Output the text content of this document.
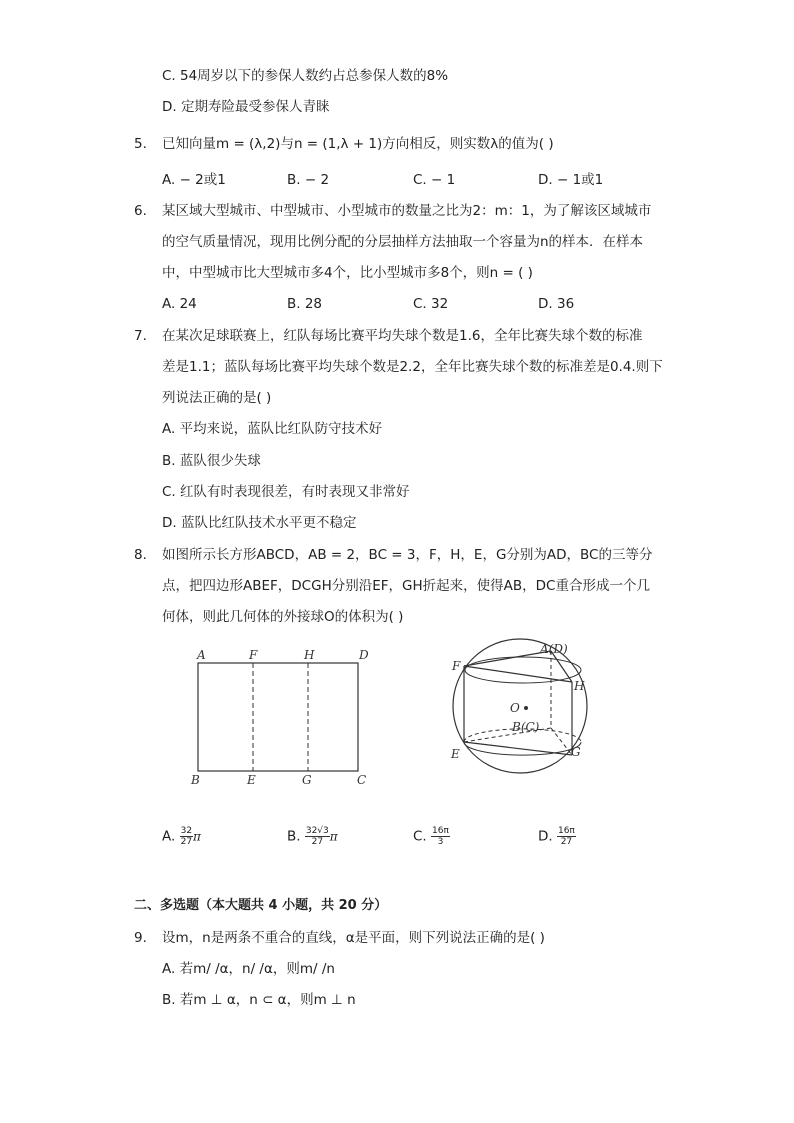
C. 54周岁以下的参保人数约占总参保人数的8%
D. 定期寿险最受参保人青睐
5. 已知向量m = (λ,2)与n = (1,λ + 1)方向相反，则实数λ的值为( )
A. − 2或1	B. − 2	C. − 1	D. − 1或1
6. 某区域大型城市、中型城市、小型城市的数量之比为2：m：1，为了解该区域城市
的空气质量情况，现用比例分配的分层抽样方法抽取一个容量为n的样本．在样本
中，中型城市比大型城市多4个，比小型城市多8个，则n = ( )
A. 24	B. 28	C. 32	D. 36
7. 在某次足球联赛上，红队每场比赛平均失球个数是1.6，全年比赛失球个数的标准
差是1.1；蓝队每场比赛平均失球个数是2.2，全年比赛失球个数的标准差是0.4.则下
列说法正确的是( )
A. 平均来说，蓝队比红队防守技术好
B. 蓝队很少失球
C. 红队有时表现很差，有时表现又非常好
D. 蓝队比红队技术水平更不稳定
8. 如图所示长方形ABCD，AB = 2，BC = 3，F，H，E，G分别为AD，BC的三等分
点，把四边形ABEF，DCGH分别沿EF，GH折起来，使得AB，DC重合形成一个几
何体，则此几何体的外接球O的体积为( )
A	F	H	D
B	E	G	C
A(D)
F
H
O
B(C)
E	G
A. $\frac{32}{27}$ π	B. $\frac{32√3}{27}$ π	C. $\frac{16\pi}{3}$	D. $\frac{16\pi}{27}$
二、多选题（本大题共 4 小题，共 20 分）
9. 设m，n是两条不重合的直线，α是平面，则下列说法正确的是( )
A. 若m/ /α，n/ /α，则m/ /n
B. 若m ⊥ α，n ⊂ α，则m ⊥ n
